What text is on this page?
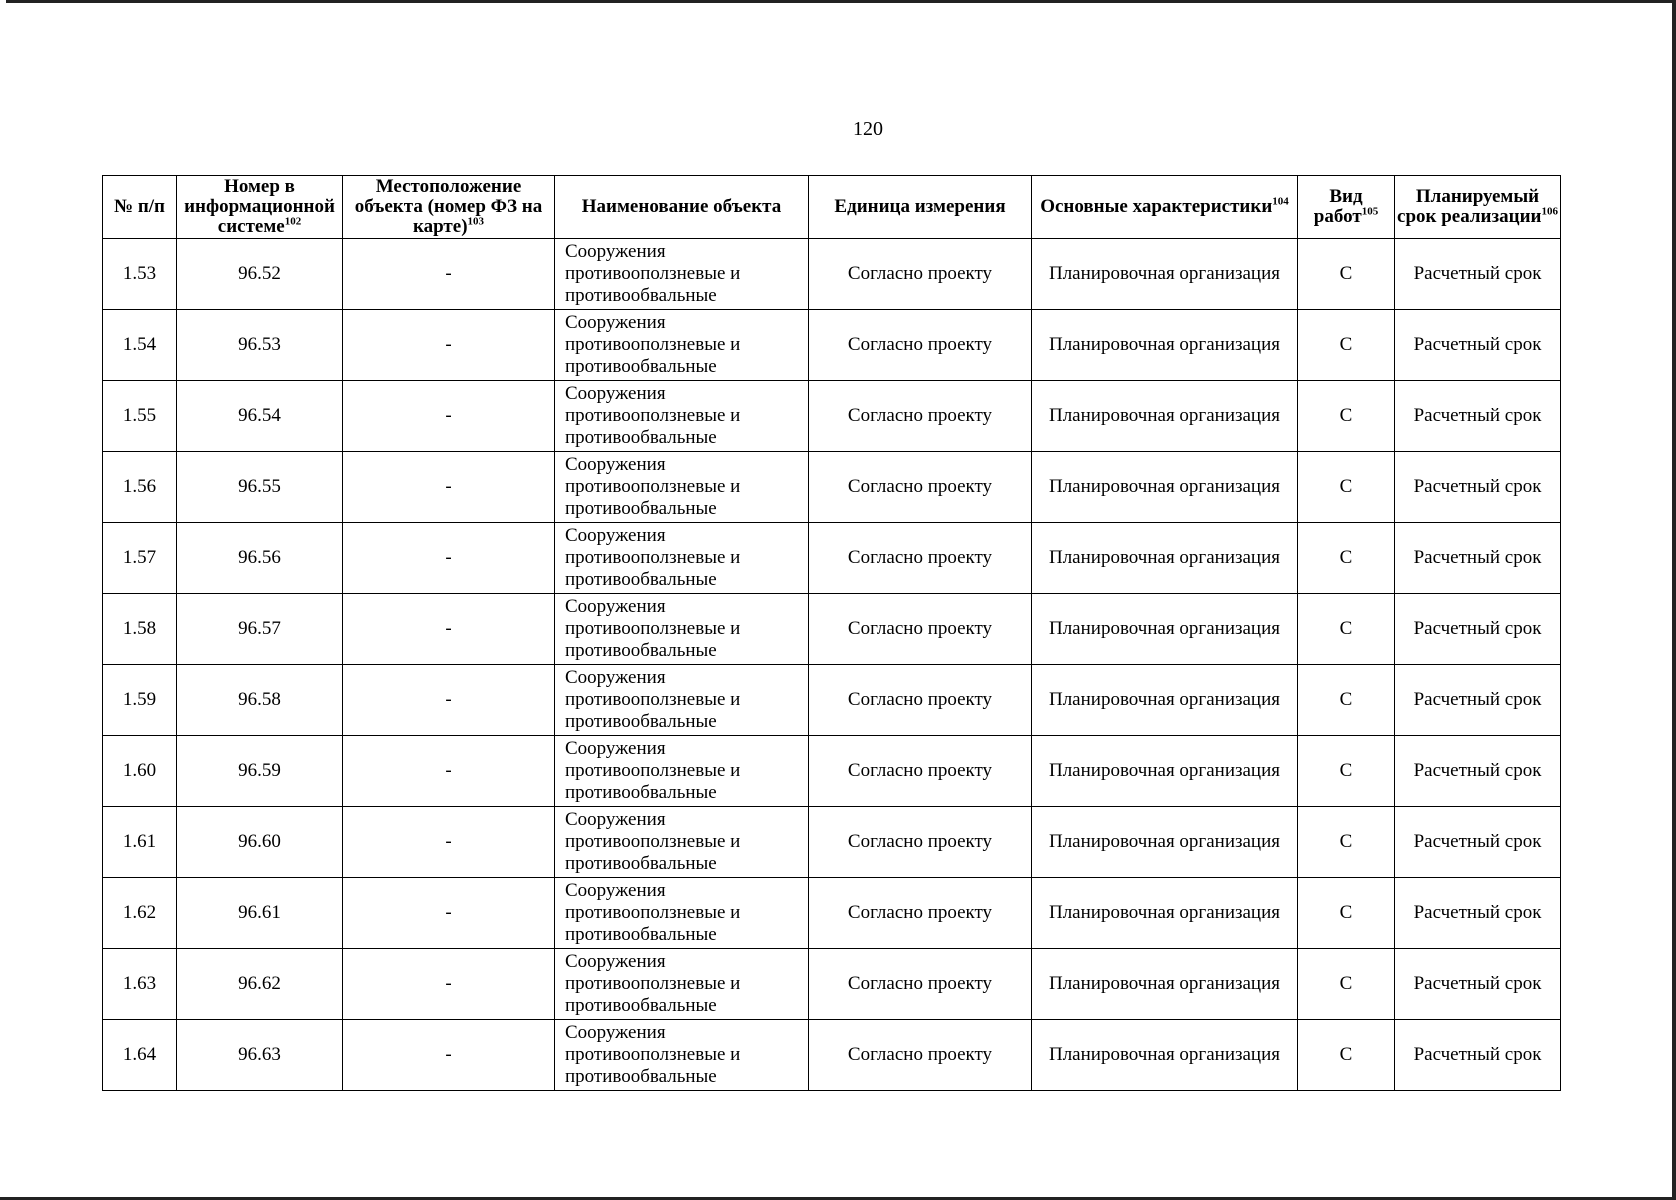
120
№ п/п	Номер в информационной системе$^{102}$	Местоположение объекта (номер ФЗ на карте)$^{103}$	Наименование объекта	Единица измерения	Основные характеристики$^{104}$	Вид работ$^{105}$	Планируемый срок реализации$^{106}$
1.53	96.52	-	Сооружения противооползневые и противообвальные	Согласно проекту	Планировочная организация	С	Расчетный срок
1.54	96.53	-	Сооружения противооползневые и противообвальные	Согласно проекту	Планировочная организация	С	Расчетный срок
1.55	96.54	-	Сооружения противооползневые и противообвальные	Согласно проекту	Планировочная организация	С	Расчетный срок
1.56	96.55	-	Сооружения противооползневые и противообвальные	Согласно проекту	Планировочная организация	С	Расчетный срок
1.57	96.56	-	Сооружения противооползневые и противообвальные	Согласно проекту	Планировочная организация	С	Расчетный срок
1.58	96.57	-	Сооружения противооползневые и противообвальные	Согласно проекту	Планировочная организация	С	Расчетный срок
1.59	96.58	-	Сооружения противооползневые и противообвальные	Согласно проекту	Планировочная организация	С	Расчетный срок
1.60	96.59	-	Сооружения противооползневые и противообвальные	Согласно проекту	Планировочная организация	С	Расчетный срок
1.61	96.60	-	Сооружения противооползневые и противообвальные	Согласно проекту	Планировочная организация	С	Расчетный срок
1.62	96.61	-	Сооружения противооползневые и противообвальные	Согласно проекту	Планировочная организация	С	Расчетный срок
1.63	96.62	-	Сооружения противооползневые и противообвальные	Согласно проекту	Планировочная организация	С	Расчетный срок
1.64	96.63	-	Сооружения противооползневые и противообвальные	Согласно проекту	Планировочная организация	С	Расчетный срок
